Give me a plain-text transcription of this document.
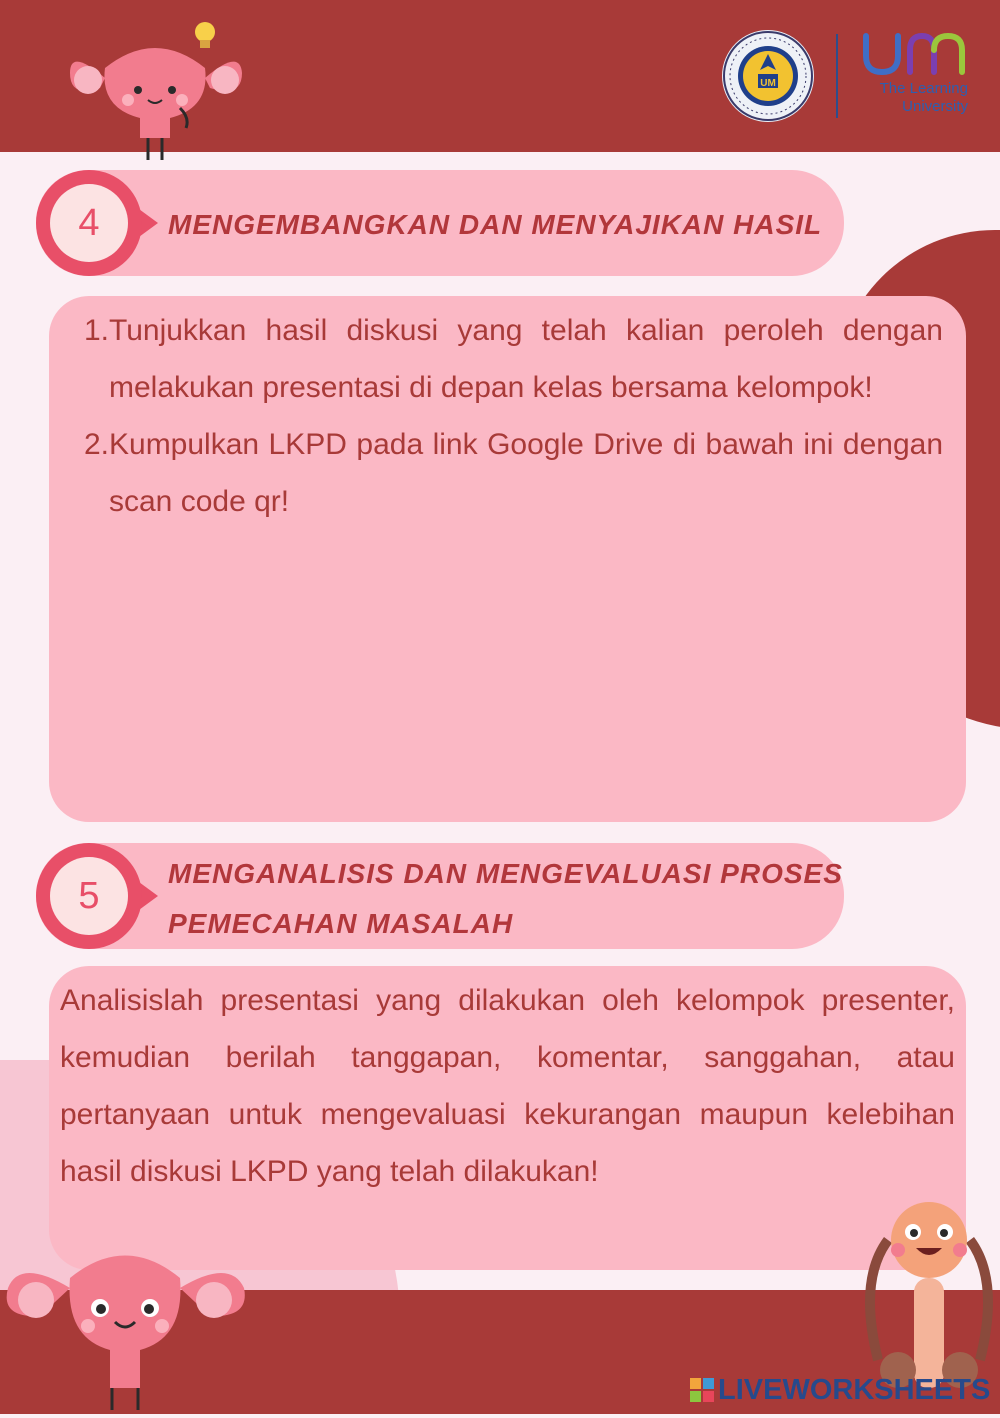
UM	The Learning University
4	MENGEMBANGKAN DAN MENYAJIKAN HASIL
1. Tunjukkan hasil diskusi yang telah kalian peroleh dengan melakukan presentasi di depan kelas bersama kelompok!
2. Kumpulkan LKPD pada link Google Drive di bawah ini dengan scan code qr!
5
MENGANALISIS DAN MENGEVALUASI PROSES
PEMECAHAN MASALAH

Analisislah presentasi yang dilakukan oleh kelompok presenter, kemudian berilah tanggapan, komentar, sanggahan, atau pertanyaan untuk mengevaluasi kekurangan maupun kelebihan hasil diskusi LKPD yang telah dilakukan!

LIVEWORKSHEETS
